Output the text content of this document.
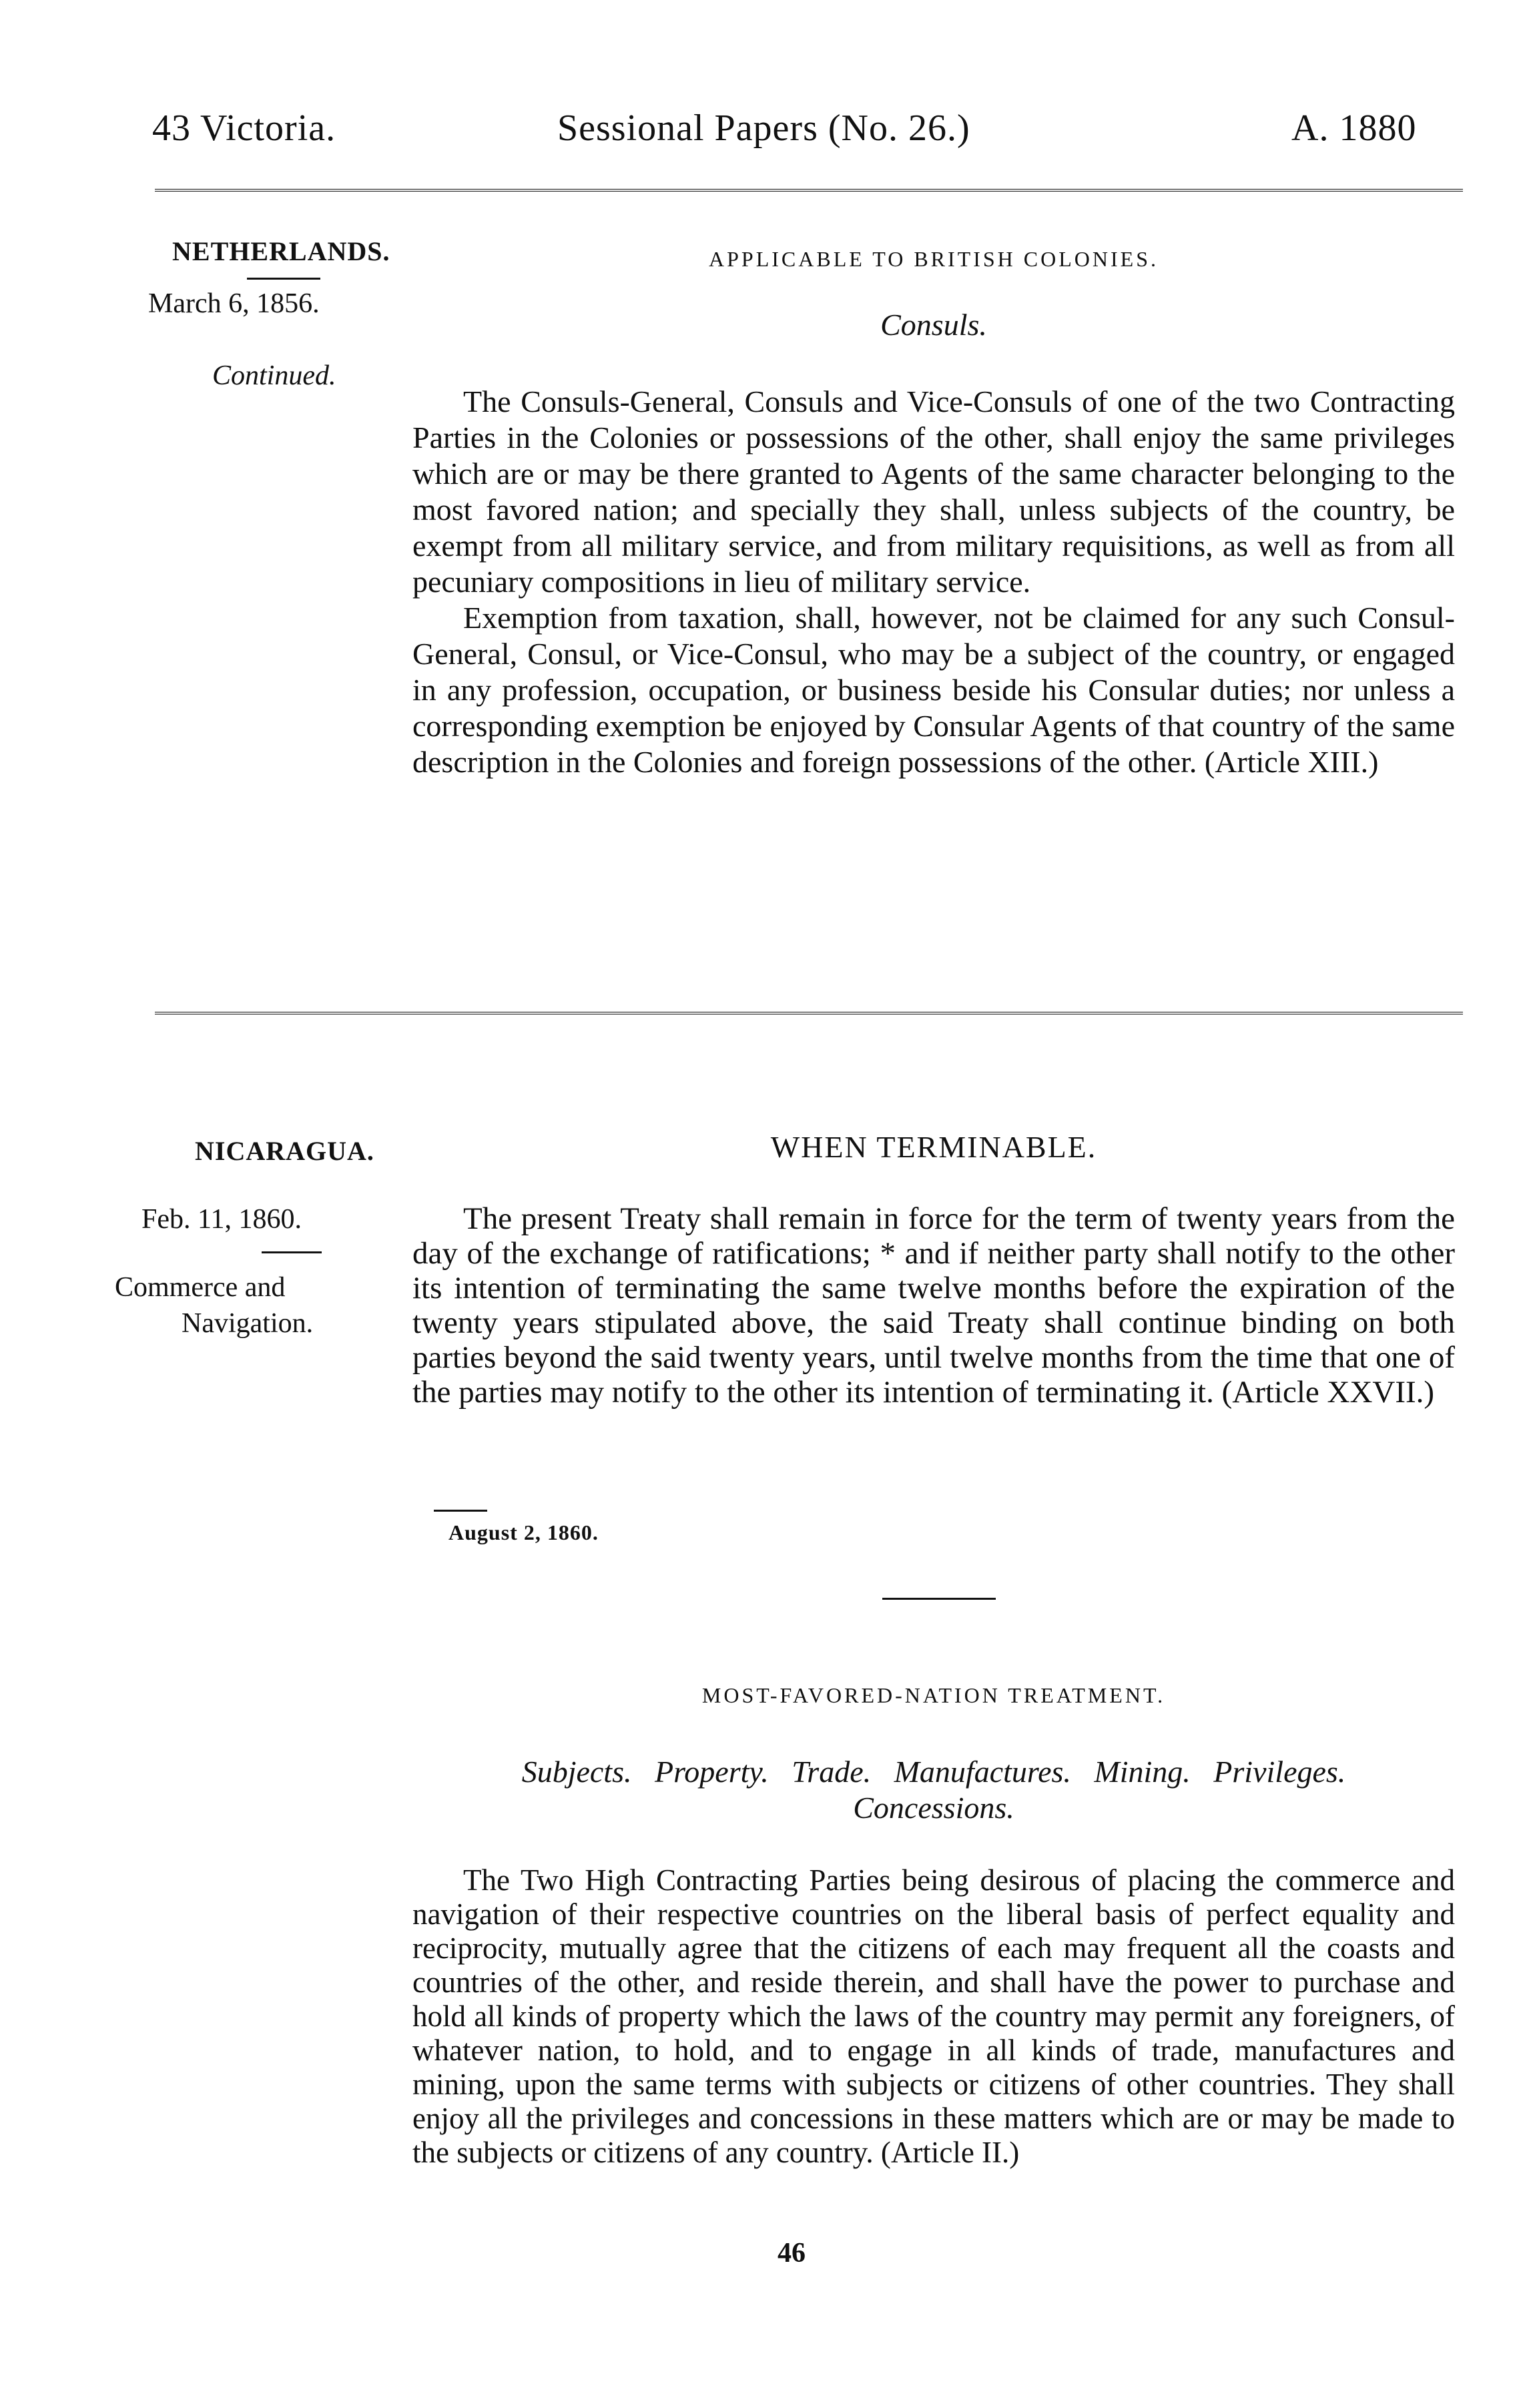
43 Victoria.	Sessional Papers (No. 26.)	A. 1880
NETHERLANDS.
March 6, 1856.
Continued.
APPLICABLE TO BRITISH COLONIES.
Consuls.

The Consuls-General, Consuls and Vice-Consuls of one of the two Contracting Parties in the Colonies or possessions of the other, shall enjoy the same privileges which are or may be there granted to Agents of the same character belonging to the most favored nation; and specially they shall, unless subjects of the country, be exempt from all military service, and from military requisitions, as well as from all pecuniary compositions in lieu of military service.

Exemption from taxation, shall, however, not be claimed for any such Consul-General, Consul, or Vice-Consul, who may be a subject of the country, or engaged in any profession, occupation, or business beside his Consular duties; nor unless a corresponding exemption be enjoyed by Consular Agents of that country of the same description in the Colonies and foreign possessions of the other. (Article XIII.)

NICARAGUA.
Feb. 11, 1860.
Commerce and
Navigation.
WHEN TERMINABLE.

The present Treaty shall remain in force for the term of twenty years from the day of the exchange of ratifications; * and if neither party shall notify to the other its intention of terminating the same twelve months before the expiration of the twenty years stipulated above, the said Treaty shall continue binding on both parties beyond the said twenty years, until twelve months from the time that one of the parties may notify to the other its intention of terminating it. (Article XXVII.)

August 2, 1860.
MOST-FAVORED-NATION TREATMENT.
Subjects.   Property.   Trade.   Manufactures.   Mining.   Privileges.
Concessions.

The Two High Contracting Parties being desirous of placing the commerce and navigation of their respective countries on the liberal basis of perfect equality and reciprocity, mutually agree that the citizens of each may frequent all the coasts and countries of the other, and reside therein, and shall have the power to purchase and hold all kinds of property which the laws of the country may permit any foreigners, of whatever nation, to hold, and to engage in all kinds of trade, manufactures and mining, upon the same terms with subjects or citizens of other countries. They shall enjoy all the privileges and concessions in these matters which are or may be made to the subjects or citizens of any country. (Article II.)

46
